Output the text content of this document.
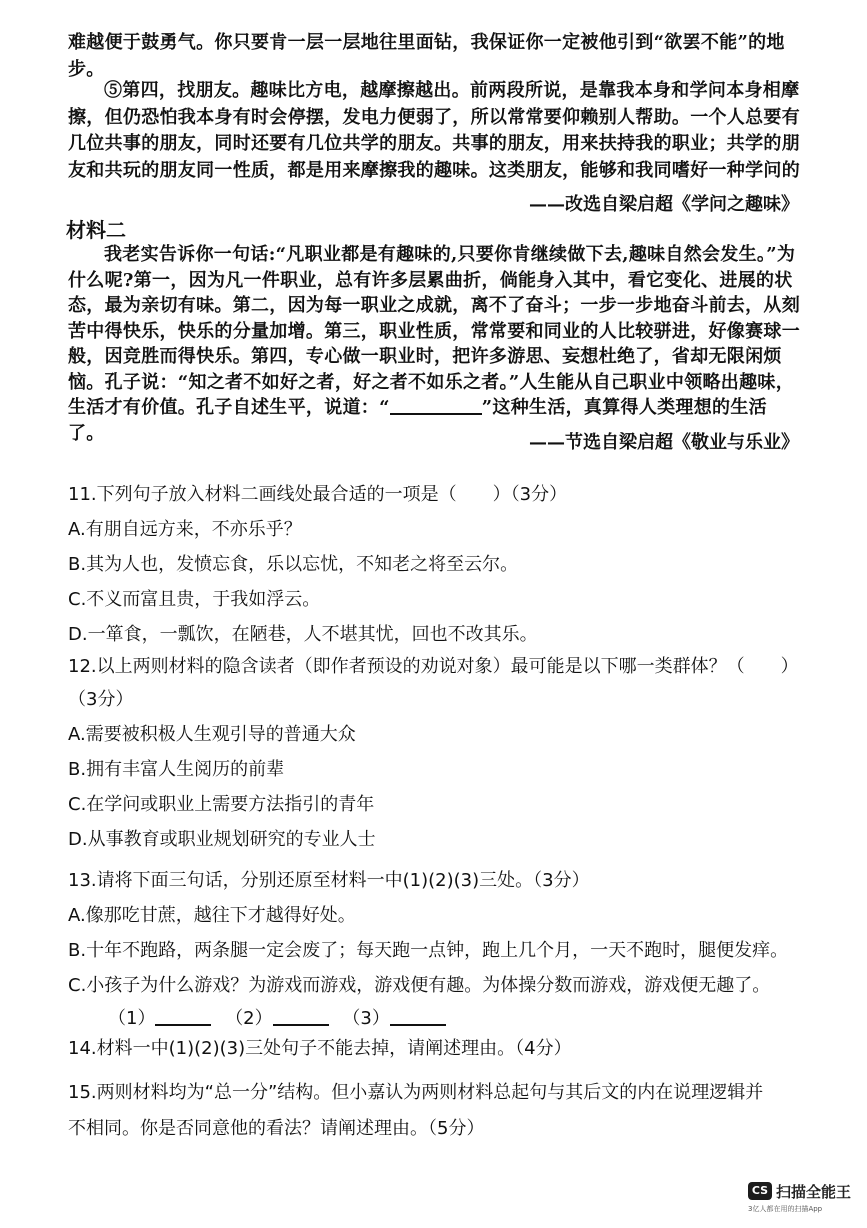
难越便于鼓勇气。你只要肯一层一层地往里面钻，我保证你一定被他引到“欲罢不能”的地步。
⑤第四，找朋友。趣味比方电，越摩擦越出。前两段所说，是靠我本身和学问本身相摩擦，但仍恐怕我本身有时会停摆，发电力便弱了，所以常常要仰赖别人帮助。一个人总要有几位共事的朋友，同时还要有几位共学的朋友。共事的朋友，用来扶持我的职业；共学的朋友和共玩的朋友同一性质，都是用来摩擦我的趣味。这类朋友，能够和我同嗜好一种学问的
——改选自梁启超《学问之趣味》
材料二
我老实告诉你一句话:“凡职业都是有趣味的,只要你肯继续做下去,趣味自然会发生。”为什么呢?第一，因为凡一件职业，总有许多层累曲折，倘能身入其中，看它变化、进展的状态，最为亲切有味。第二，因为每一职业之成就，离不了奋斗；一步一步地奋斗前去，从刻苦中得快乐，快乐的分量加增。第三，职业性质，常常要和同业的人比较骈进，好像赛球一般，因竞胜而得快乐。第四，专心做一职业时，把许多游思、妄想杜绝了，省却无限闲烦恼。孔子说：“知之者不如好之者，好之者不如乐之者。”人生能从自己职业中领略出趣味，生活才有价值。孔子自述生平，说道：“	”这种生活，真算得人类理想的生活了。	——节选自梁启超《敬业与乐业》
11.下列句子放入材料二画线处最合适的一项是（　　）（3分）
A.有朋自远方来，不亦乐乎？
B.其为人也，发愤忘食，乐以忘忧，不知老之将至云尔。
C.不义而富且贵，于我如浮云。
D.一箪食，一瓢饮，在陋巷，人不堪其忧，回也不改其乐。
12.以上两则材料的隐含读者（即作者预设的劝说对象）最可能是以下哪一类群体？（　　）
（3分）
A.需要被积极人生观引导的普通大众
B.拥有丰富人生阅历的前辈
C.在学问或职业上需要方法指引的青年
D.从事教育或职业规划研究的专业人士
13.请将下面三句话，分别还原至材料一中(1)(2)(3)三处。（3分）
A.像那吃甘蔗，越往下才越得好处。
B.十年不跑路，两条腿一定会废了；每天跑一点钟，跑上几个月，一天不跑时，腿便发痒。
C.小孩子为什么游戏？为游戏而游戏，游戏便有趣。为体操分数而游戏，游戏便无趣了。
（1）	（2）	（3）
14.材料一中(1)(2)(3)三处句子不能去掉，请阐述理由。（4分）
15.两则材料均为“总一分”结构。但小嘉认为两则材料总起句与其后文的内在说理逻辑并
不相同。你是否同意他的看法？请阐述理由。（5分）
CS 扫描全能王
3亿人都在用的扫描App
